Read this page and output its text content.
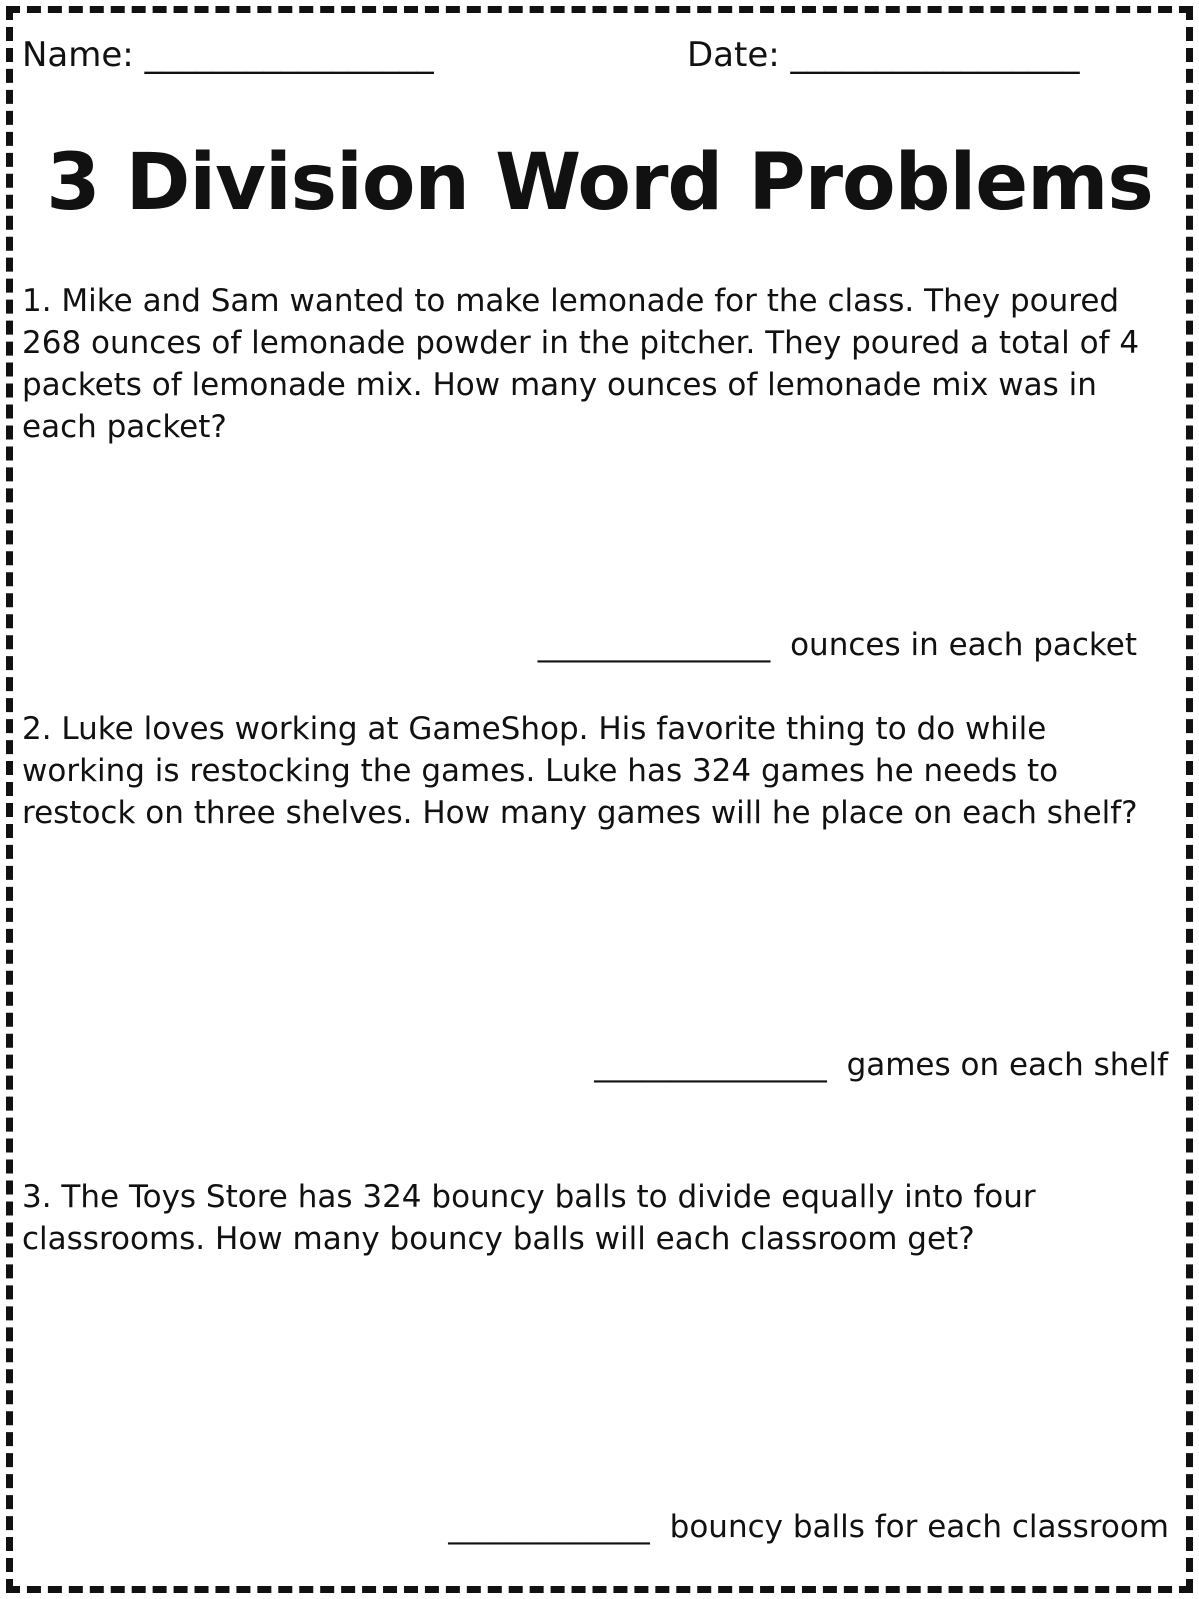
Name: _________________	Date: _________________
3 Division Word Problems

1. Mike and Sam wanted to make lemonade for the class. They poured 268 ounces of lemonade powder in the pitcher. They poured a total of 4 packets of lemonade mix. How many ounces of lemonade mix was in each packet?

_______________ ounces in each packet

2. Luke loves working at GameShop. His favorite thing to do while working is restocking the games. Luke has 324 games he needs to restock on three shelves. How many games will he place on each shelf?

_______________ games on each shelf

3. The Toys Store has 324 bouncy balls to divide equally into four classrooms. How many bouncy balls will each classroom get?

_____________ bouncy balls for each classroom
